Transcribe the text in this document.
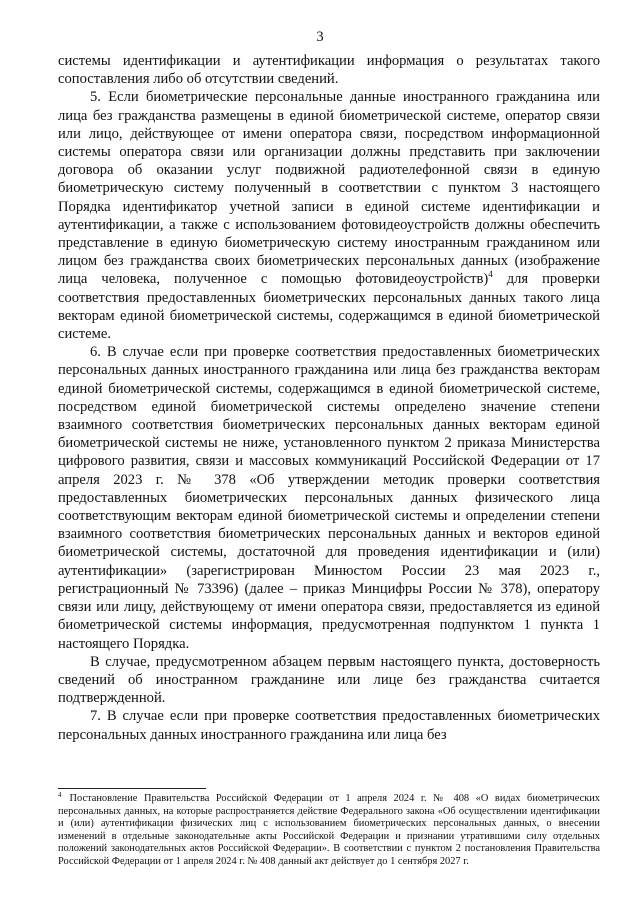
3

системы идентификации и аутентификации информация о результатах такого сопоставления либо об отсутствии сведений.

5. Если биометрические персональные данные иностранного гражданина или лица без гражданства размещены в единой биометрической системе, оператор связи или лицо, действующее от имени оператора связи, посредством информационной системы оператора связи или организации должны представить при заключении договора об оказании услуг подвижной радиотелефонной связи в единую биометрическую систему полученный в соответствии с пунктом 3 настоящего Порядка идентификатор учетной записи в единой системе идентификации и аутентификации, а также с использованием фотовидеоустройств должны обеспечить представление в единую биометрическую систему иностранным гражданином или лицом без гражданства своих биометрических персональных данных (изображение лица человека, полученное с помощью фотовидеоустройств)$^4$ для проверки соответствия предоставленных биометрических персональных данных такого лица векторам единой биометрической системы, содержащимся в единой биометрической системе.

6. В случае если при проверке соответствия предоставленных биометрических персональных данных иностранного гражданина или лица без гражданства векторам единой биометрической системы, содержащимся в единой биометрической системе, посредством единой биометрической системы определено значение степени взаимного соответствия биометрических персональных данных векторам единой биометрической системы не ниже, установленного пунктом 2 приказа Министерства цифрового развития, связи и массовых коммуникаций Российской Федерации от 17 апреля 2023 г. № 378 «Об утверждении методик проверки соответствия предоставленных биометрических персональных данных физического лица соответствующим векторам единой биометрической системы и определении степени взаимного соответствия биометрических персональных данных и векторов единой биометрической системы, достаточной для проведения идентификации и (или) аутентификации» (зарегистрирован Минюстом России 23 мая 2023 г., регистрационный № 73396) (далее – приказ Минцифры России № 378), оператору связи или лицу, действующему от имени оператора связи, предоставляется из единой биометрической системы информация, предусмотренная подпунктом 1 пункта 1 настоящего Порядка.

В случае, предусмотренном абзацем первым настоящего пункта, достоверность сведений об иностранном гражданине или лице без гражданства считается подтвержденной.

7. В случае если при проверке соответствия предоставленных биометрических персональных данных иностранного гражданина или лица без

$^4$ Постановление Правительства Российской Федерации от 1 апреля 2024 г. № 408 «О видах биометрических персональных данных, на которые распространяется действие Федерального закона «Об осуществлении идентификации и (или) аутентификации физических лиц с использованием биометрических персональных данных, о внесении изменений в отдельные законодательные акты Российской Федерации и признании утратившими силу отдельных положений законодательных актов Российской Федерации». В соответствии с пунктом 2 постановления Правительства Российской Федерации от 1 апреля 2024 г. № 408 данный акт действует до 1 сентября 2027 г.
